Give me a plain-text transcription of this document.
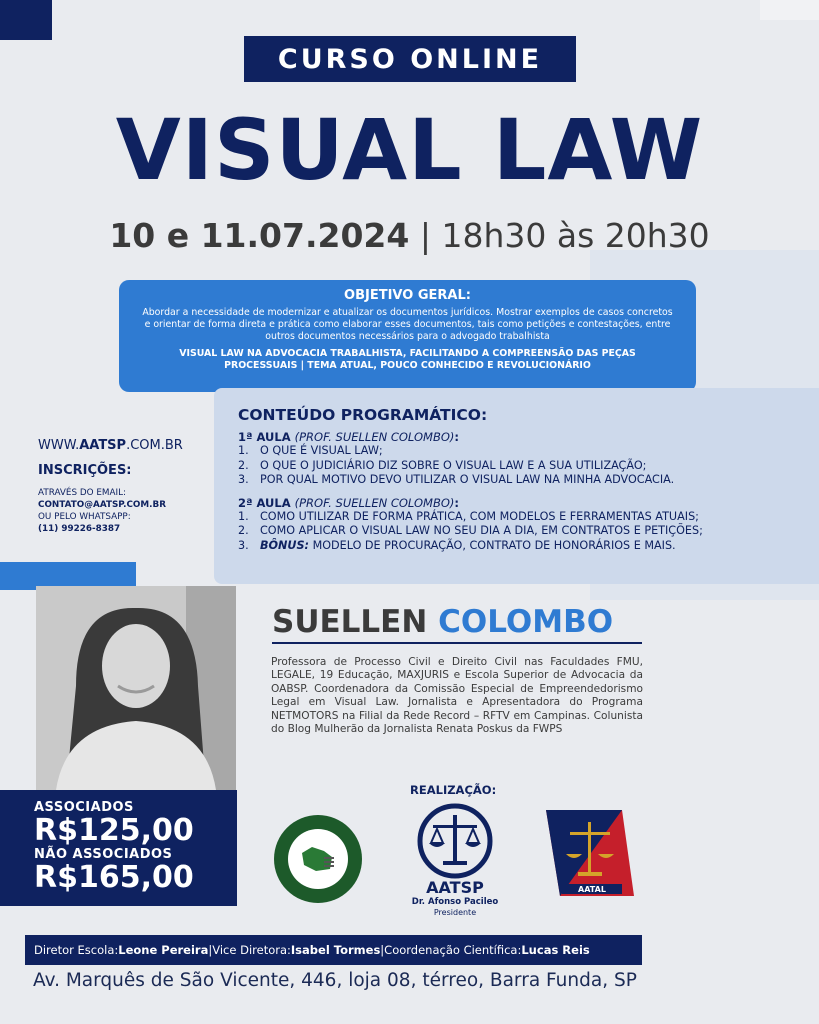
CURSO ONLINE
VISUAL LAW
10 e 11.07.2024 | 18h30 às 20h30
OBJETIVO GERAL:
Abordar a necessidade de modernizar e atualizar os documentos jurídicos. Mostrar exemplos de casos concretos e orientar de forma direta e prática como elaborar esses documentos, tais como petições e contestações, entre outros documentos necessários para o advogado trabalhista
VISUAL LAW NA ADVOCACIA TRABALHISTA, FACILITANDO A COMPREENSÃO DAS PEÇAS PROCESSUAIS | TEMA ATUAL, POUCO CONHECIDO E REVOLUCIONÁRIO
CONTEÚDO PROGRAMÁTICO:
1ª AULA (PROF. SUELLEN COLOMBO):
1. O QUE É VISUAL LAW;
2. O QUE O JUDICIÁRIO DIZ SOBRE O VISUAL LAW E A SUA UTILIZAÇÃO;
3. POR QUAL MOTIVO DEVO UTILIZAR O VISUAL LAW NA MINHA ADVOCACIA.
2ª AULA (PROF. SUELLEN COLOMBO):
1. COMO UTILIZAR DE FORMA PRÁTICA, COM MODELOS E FERRAMENTAS ATUAIS;
2. COMO APLICAR O VISUAL LAW NO SEU DIA A DIA, EM CONTRATOS E PETIÇÕES;
3. BÔNUS: MODELO DE PROCURAÇÃO, CONTRATO DE HONORÁRIOS E MAIS.
WWW.AATSP.COM.BR
INSCRIÇÕES:
ATRAVÉS DO EMAIL:
CONTATO@AATSP.COM.BR
OU PELO WHATSAPP:
(11) 99226-8387
ASSOCIADOS
R$125,00
NÃO ASSOCIADOS
R$165,00
SUELLEN COLOMBO
Professora de Processo Civil e Direito Civil nas Faculdades FMU, LEGALE, 19 Educação, MAXJURIS e Escola Superior de Advocacia da OABSP. Coordenadora da Comissão Especial de Empreendedorismo Legal em Visual Law. Jornalista e Apresentadora do Programa NETMOTORS na Filial da Rede Record – RFTV em Campinas. Colunista do Blog Mulherão da Jornalista Renata Poskus da FWPS
REALIZAÇÃO:
AATSP
Dr. Afonso Pacileo
Presidente
AATAL
Diretor Escola: Leone Pereira | Vice Diretora: Isabel Tormes | Coordenação Científica: Lucas Reis
Av. Marquês de São Vicente, 446, loja 08, térreo, Barra Funda, SP
